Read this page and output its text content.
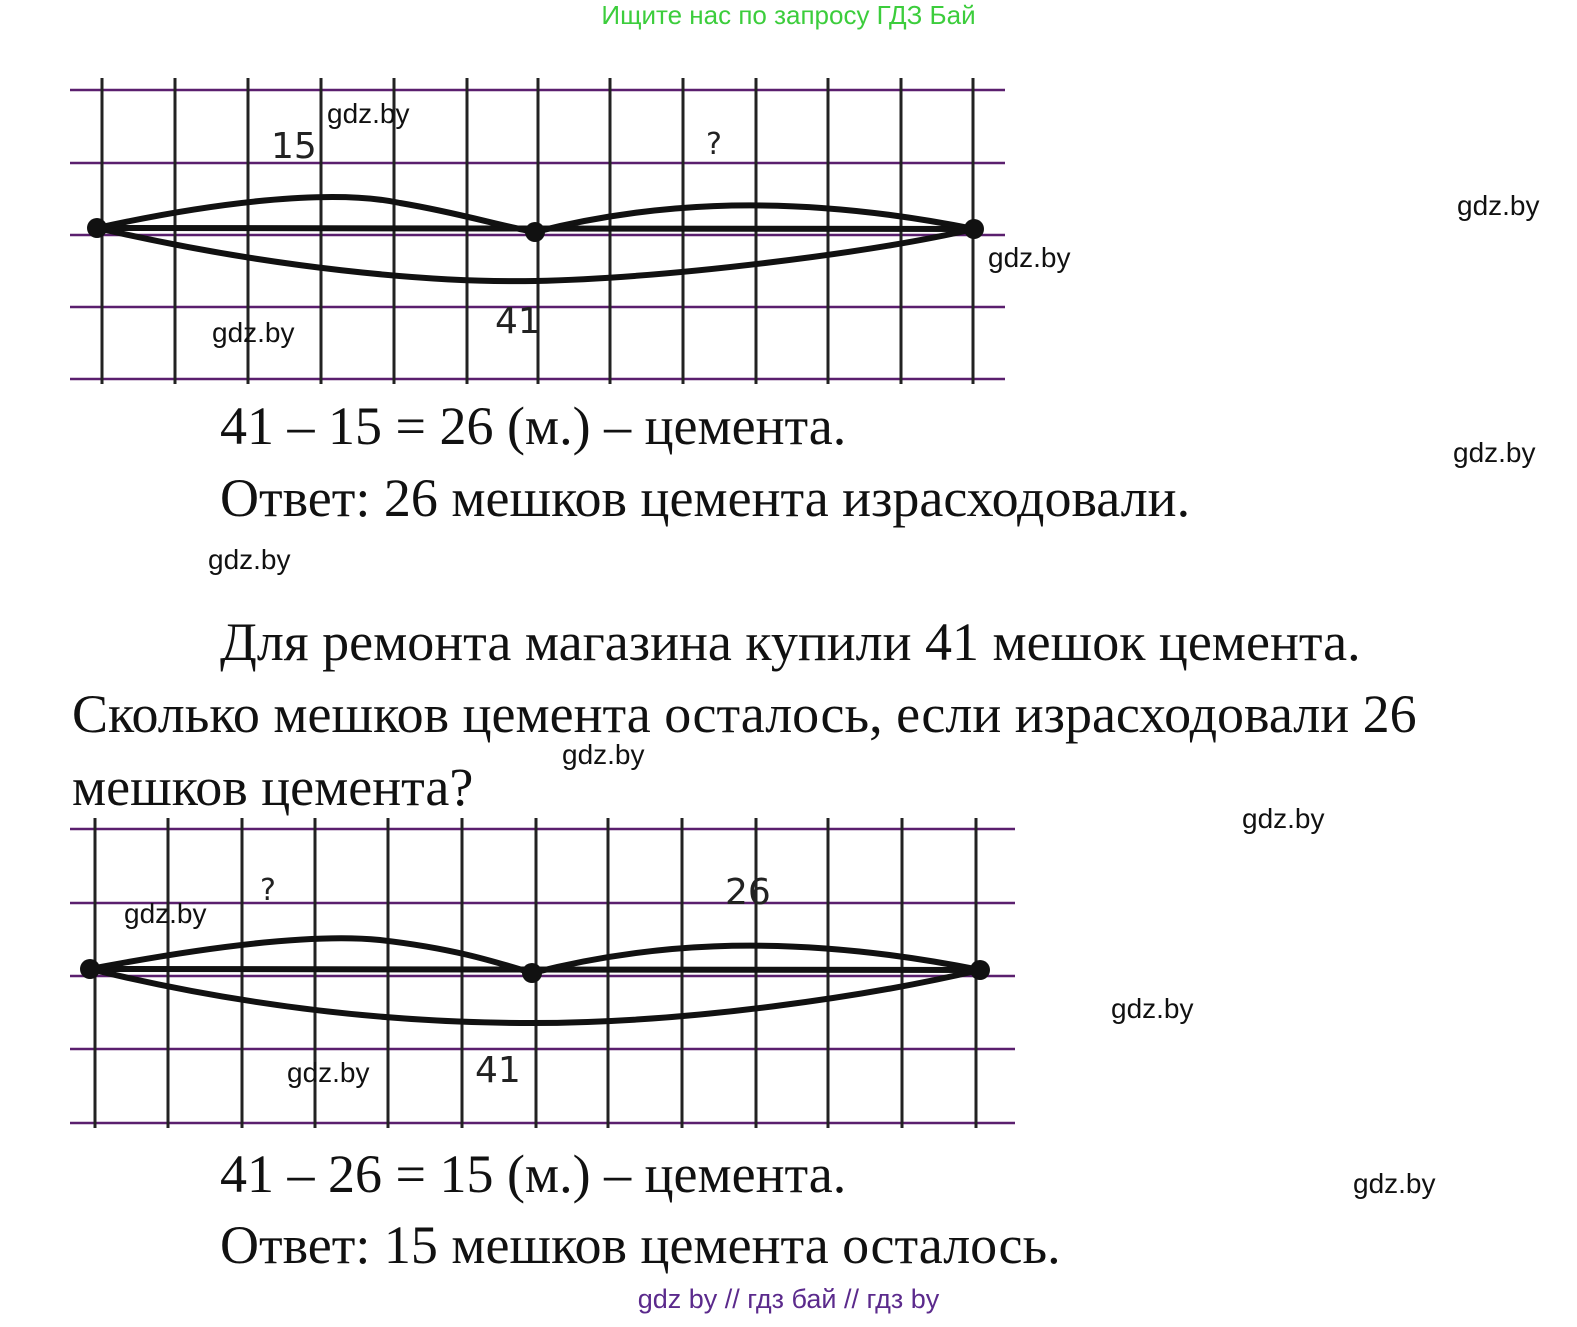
Ищите нас по запросу ГДЗ Бай
15	?
41
gdz.by
gdz.by
gdz.by
gdz.by
41 – 15 = 26 (м.) – цемента.	gdz.by
Ответ: 26 мешков цемента израсходовали.
gdz.by
Для ремонта магазина купили 41 мешок цемента.
Сколько мешков цемента осталось, если израсходовали 26
gdz.by
мешков цемента?
gdz.by
?	26
41
gdz.by
gdz.by
gdz.by
41 – 26 = 15 (м.) – цемента.	gdz.by
Ответ: 15 мешков цемента осталось.
gdz by // гдз бай // гдз by
